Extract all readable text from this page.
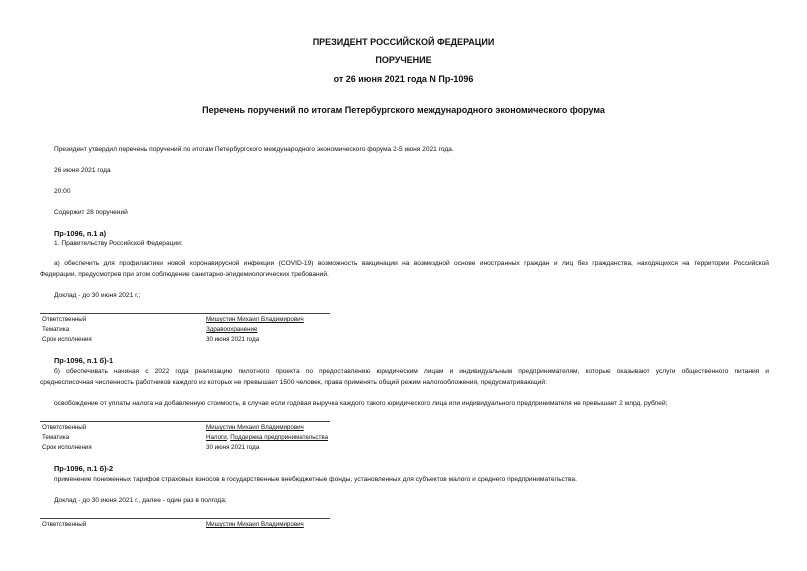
ПРЕЗИДЕНТ РОССИЙСКОЙ ФЕДЕРАЦИИ
ПОРУЧЕНИЕ
от 26 июня 2021 года N Пр-1096
Перечень поручений по итогам Петербургского международного экономического форума
Президент утвердил перечень поручений по итогам Петербургского международного экономического форума 2-5 июня 2021 года.
26 июня 2021 года
20:00
Содержит 28 поручений
Пр-1096, п.1 а)
1. Правительству Российской Федерации:
а) обеспечить для профилактики новой коронавирусной инфекции (COVID-19) возможность вакцинации на возмездной основе иностранных граждан и лиц без гражданства, находящихся на территории Российской
Федерации, предусмотрев при этом соблюдение санитарно-эпидемиологических требований.
Доклад - до 30 июня 2021 г.;
Ответственный	Мишустин Михаил Владимирович
Тематика	Здравоохранение
Срок исполнения	30 июня 2021 года
Пр-1096, п.1 б)-1
б) обеспечивать начиная с 2022 года реализацию пилотного проекта по предоставлению юридическим лицам и индивидуальным предпринимателям, которые оказывают услуги общественного питания и
среднесписочная численность работников каждого из которых не превышает 1500 человек, права применять общий режим налогообложения, предусматривающий:
освобождение от уплаты налога на добавленную стоимость, в случае если годовая выручка каждого такого юридического лица или индивидуального предпринимателя не превышает 2 млрд. рублей;
Ответственный	Мишустин Михаил Владимирович
Тематика	Налоги, Поддержка предпринимательства
Срок исполнения	30 июня 2021 года
Пр-1096, п.1 б)-2
применение пониженных тарифов страховых взносов в государственные внебюджетные фонды, установленных для субъектов малого и среднего предпринимательства.
Доклад - до 30 июня 2021 г., далее - один раз в полгода;
Ответственный	Мишустин Михаил Владимирович
